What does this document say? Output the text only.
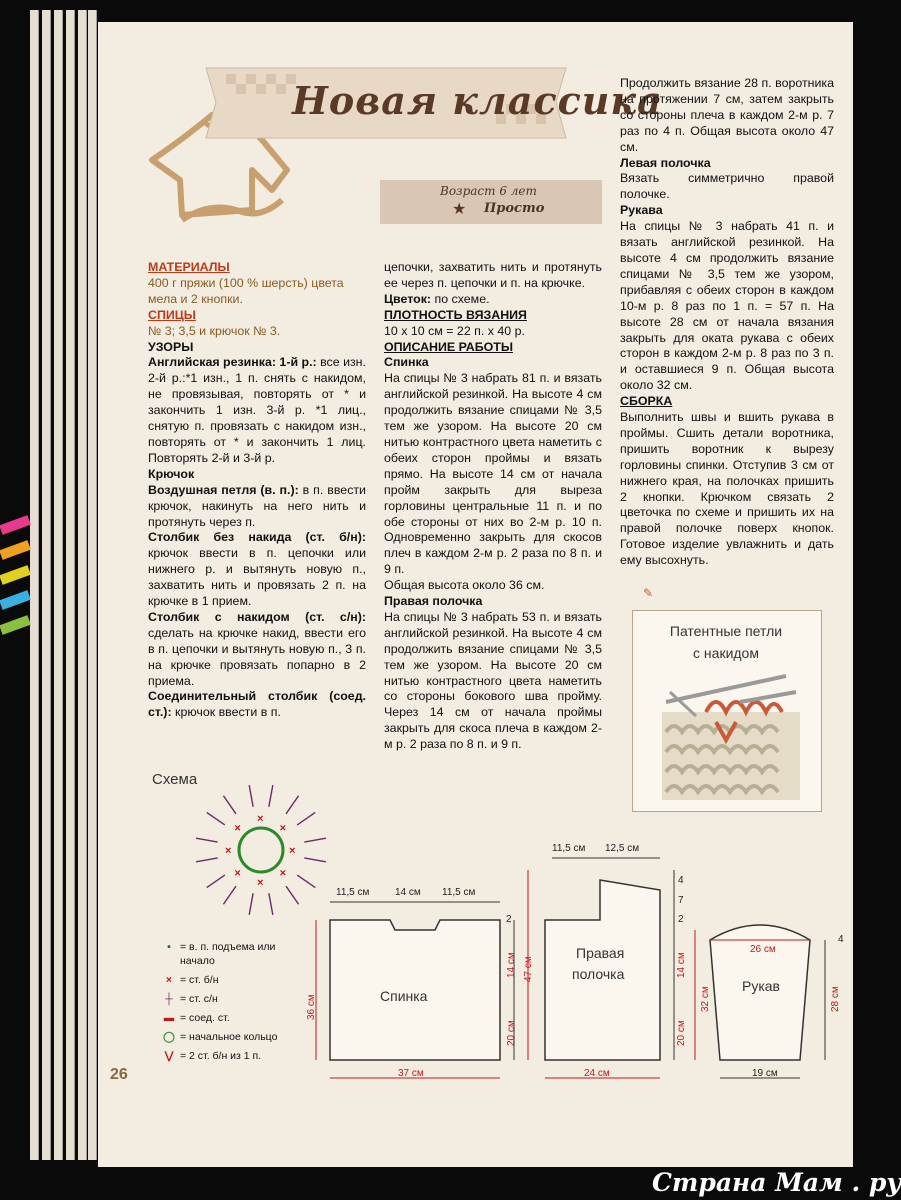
Новая классика
Возраст 6 лет
★ Просто

МАТЕРИАЛЫ

400 г пряжи (100 % шерсть) цвета мела и 2 кнопки.

СПИЦЫ

№ 3; 3,5 и крючок № 3.

УЗОРЫ

Английская резинка: 1-й р.: все изн. 2-й р.:*1 изн., 1 п. снять с накидом, не провязывая, повторять от * и закончить 1 изн. 3-й р. *1 лиц., снятую п. провязать с накидом изн., повторять от * и закончить 1 лиц. Повторять 2-й и 3-й р.

Крючок

Воздушная петля (в. п.): в п. ввести крючок, накинуть на него нить и протянуть через п.

Столбик без накида (ст. б/н): крючок ввести в п. цепочки или нижнего р. и вытянуть новую п., захватить нить и провязать 2 п. на крючке в 1 прием.

Столбик с накидом (ст. с/н): сделать на крючке накид, ввести его в п. цепочки и вытянуть новую п., 3 п. на крючке провязать попарно в 2 приема.

Соединительный столбик (соед. ст.): крючок ввести в п.

цепочки, захватить нить и протянуть ее через п. цепочки и п. на крючке.

Цветок: по схеме.

ПЛОТНОСТЬ ВЯЗАНИЯ

10 х 10 см = 22 п. х 40 р.

ОПИСАНИЕ РАБОТЫ

Спинка

На спицы № 3 набрать 81 п. и вязать английской резинкой. На высоте 4 см продолжить вязание спицами № 3,5 тем же узором. На высоте 20 см нитью контрастного цвета наметить с обеих сторон проймы и вязать прямо. На высоте 14 см от начала пройм закрыть для выреза горловины центральные 11 п. и по обе стороны от них во 2-м р. 10 п. Одновременно закрыть для скосов плеч в каждом 2-м р. 2 раза по 8 п. и 9 п.

Общая высота около 36 см.

Правая полочка

На спицы № 3 набрать 53 п. и вязать английской резинкой. На высоте 4 см продолжить вязание спицами № 3,5 тем же узором. На высоте 20 см нитью контрастного цвета наметить со стороны бокового шва пройму. Через 14 см от начала проймы закрыть для скоса плеча в каждом 2-м р. 2 раза по 8 п. и 9 п.

Продолжить вязание 28 п. воротника на протяжении 7 см, затем закрыть со стороны плеча в каждом 2-м р. 7 раз по 4 п. Общая высота около 47 см.

Левая полочка

Вязать симметрично правой полочке.

Рукава

На спицы № 3 набрать 41 п. и вязать английской резинкой. На высоте 4 см продолжить вязание спицами № 3,5 тем же узором, прибавляя с обеих сторон в каждом 10-м р. 8 раз по 1 п. = 57 п. На высоте 28 см от начала вязания закрыть для оката рукава с обеих сторон в каждом 2-м р. 8 раз по 3 п. и оставшиеся 9 п. Общая высота около 32 см.

СБОРКА

Выполнить швы и вшить рукава в проймы. Сшить детали воротника, пришить воротник к вырезу горловины спинки. Отступив 3 см от нижнего края, на полочках пришить 2 кнопки. Крючком связать 2 цветочка по схеме и пришить их на правой полочке поверх кнопок. Готовое изделие увлажнить и дать ему высохнуть.

Патентные петли
с накидом
✎
Схема
×
×
×
×
×
×
×
×
• = в. п. подъема или начало
× = ст. б/н
┼ = ст. с/н
▬ = соед. ст.
◯ = начальное кольцо
⋁ = 2 ст. б/н из 1 п.
Спинка
11,5 см	14 см 11,5 см
36 см
37 см
2
14 см
20 см
Правая
полочка
11,5 см 12,5 см
47 см
24 см
4
7
2
14 см
20 см
Рукав
26 см
32 см	28 см
4
19 см
26
Страна Мам . ру
